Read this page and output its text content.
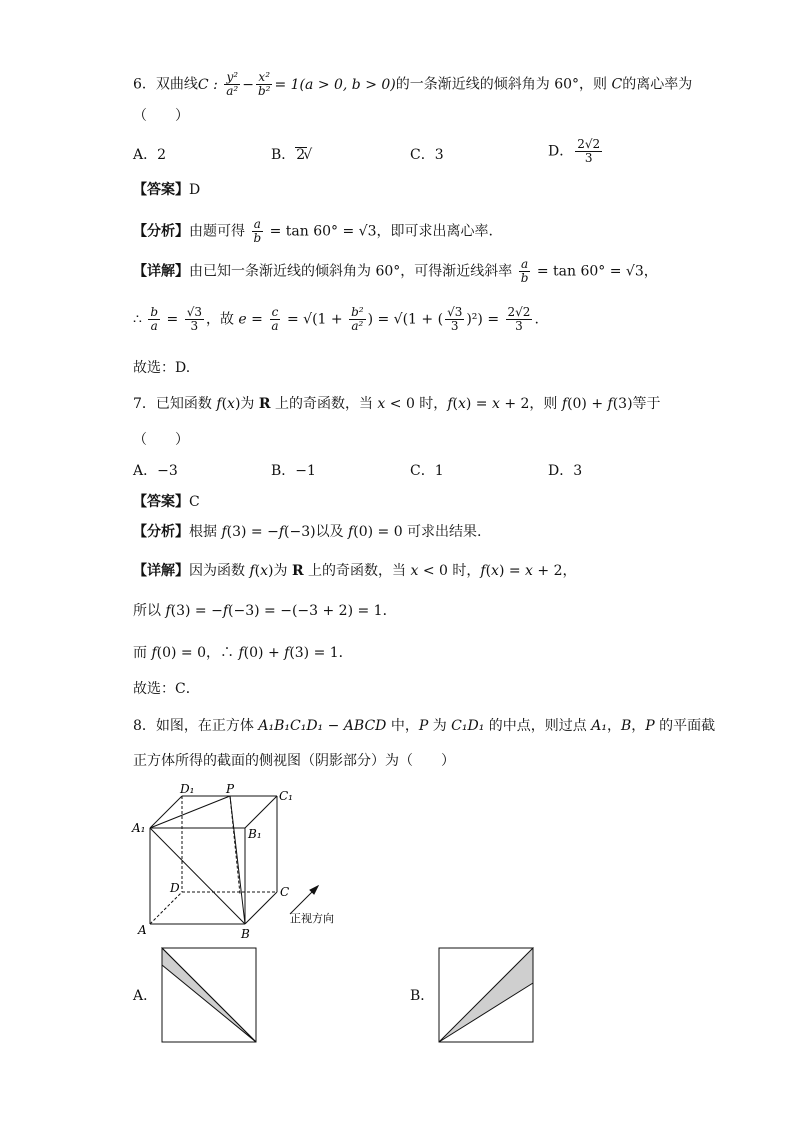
6．双曲线C : $\frac{\text{y²}}{\text{a²}} - \frac{\text{x²}}{\text{b²}} = 1(a > 0$, b > 0)的一条渐近线的倾斜角为 60°，则 C的离心率为
（　　）
A．2	B．2√	C．3	D． $\frac{2√2}{3}$
【答案】D
【分析】由题可得 $\frac{a}{b} = \tan 60^\circ = √3$，即可求出离心率.
【详解】由已知一条渐近线的倾斜角为 60°，可得渐近线斜率 $\frac{a}{b} = \tan 60^\circ = √3$，
∴ $\frac{b}{a} = \frac{√3}{3}$ ，故 $e = \frac{c}{a} = √(1 + \frac{\text{b²}}{\text{a²}}$ ) = √(1 + ( $\frac{√3}{3} )^2) = \frac{2√2}{3}$ .
故选：D.
7．已知函数 f(x)为 R 上的奇函数，当 x < 0 时，f(x) = x + 2，则 f(0) + f(3)等于
（　　）
A．−3	B．−1	C．1	D．3
【答案】C
【分析】根据 f(3) = −f(−3)以及 f(0) = 0 可求出结果.
【详解】因为函数 f(x)为 R 上的奇函数，当 x < 0 时，f(x) = x + 2，
所以 f(3) = −f(−3) = −(−3 + 2) = 1．
而 f(0) = 0，∴ f(0) + f(3) = 1．
故选：C．
8．如图，在正方体 A₁B₁C₁D₁ − ABCD 中，P 为 C₁D₁ 的中点，则过点 A₁，B，P 的平面截
正方体所得的截面的侧视图（阴影部分）为（　　）
D₁	P	C₁
A₁	B₁
D	C
A	B
正视方向
A．	B．
